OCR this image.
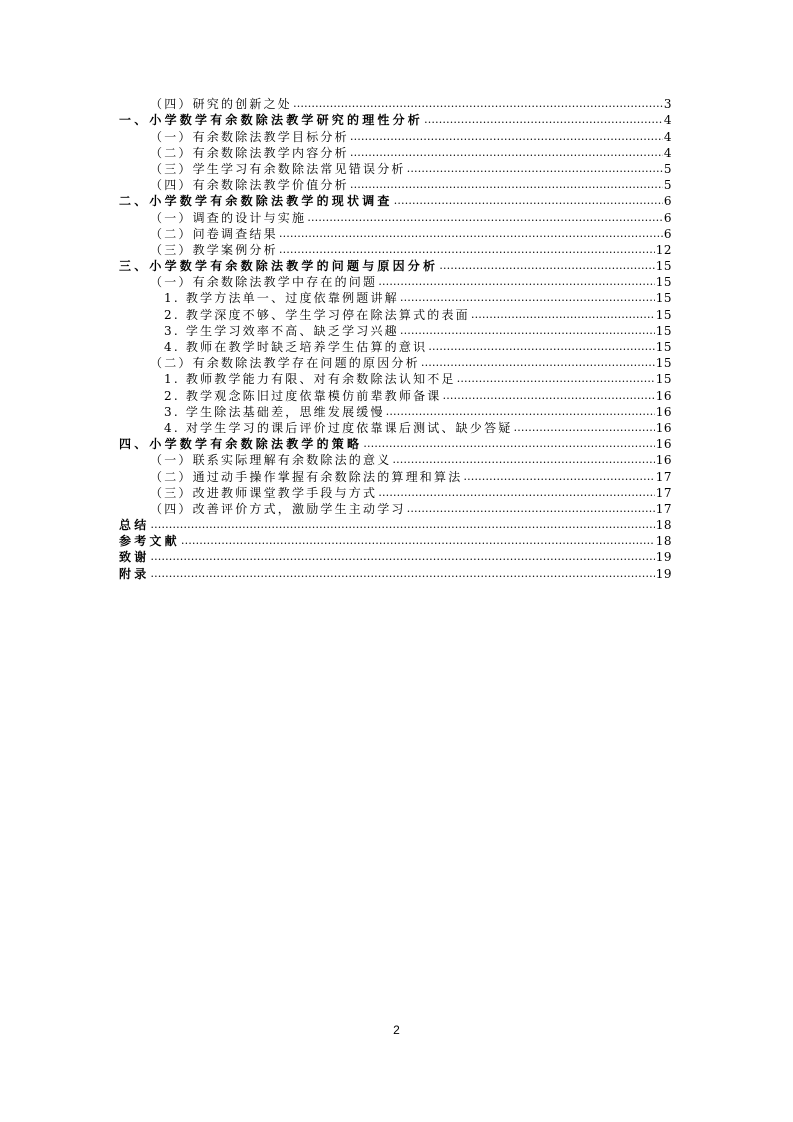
（四）研究的创新之处 ………………………………………………………………………………………………………………………………………………………………………………………	3
一、小学数学有余数除法教学研究的理性分析 ………………………………………………………………………………………………………………………………………………………………………………………	4
（一）有余数除法教学目标分析 ………………………………………………………………………………………………………………………………………………………………………………………	4
（二）有余数除法教学内容分析 ………………………………………………………………………………………………………………………………………………………………………………………	4
（三）学生学习有余数除法常见错误分析 ………………………………………………………………………………………………………………………………………………………………………………………	5
（四）有余数除法教学价值分析 ………………………………………………………………………………………………………………………………………………………………………………………	5
二、小学数学有余数除法教学的现状调查 ………………………………………………………………………………………………………………………………………………………………………………………	6
（一）调查的设计与实施 ………………………………………………………………………………………………………………………………………………………………………………………	6
（二）问卷调查结果 ………………………………………………………………………………………………………………………………………………………………………………………	6
（三）教学案例分析 ………………………………………………………………………………………………………………………………………………………………………………………	12
三、小学数学有余数除法教学的问题与原因分析 ………………………………………………………………………………………………………………………………………………………………………………………	15
（一）有余数除法教学中存在的问题 ………………………………………………………………………………………………………………………………………………………………………………………	15
1. 教学方法单一、过度依靠例题讲解 ………………………………………………………………………………………………………………………………………………………………………………………	15
2. 教学深度不够、学生学习停在除法算式的表面 ………………………………………………………………………………………………………………………………………………………………………………………	15
3. 学生学习效率不高、缺乏学习兴趣 ………………………………………………………………………………………………………………………………………………………………………………………	15
4. 教师在教学时缺乏培养学生估算的意识 ………………………………………………………………………………………………………………………………………………………………………………………	15
（二）有余数除法教学存在问题的原因分析 ………………………………………………………………………………………………………………………………………………………………………………………	15
1. 教师教学能力有限、对有余数除法认知不足 ………………………………………………………………………………………………………………………………………………………………………………………	15
2. 教学观念陈旧过度依靠模仿前辈教师备课 ………………………………………………………………………………………………………………………………………………………………………………………	16
3. 学生除法基础差，思维发展缓慢 ………………………………………………………………………………………………………………………………………………………………………………………	16
4. 对学生学习的课后评价过度依靠课后测试、缺少答疑 ………………………………………………………………………………………………………………………………………………………………………………………	16
四、小学数学有余数除法教学的策略 ………………………………………………………………………………………………………………………………………………………………………………………	16
（一）联系实际理解有余数除法的意义 ………………………………………………………………………………………………………………………………………………………………………………………	16
（二）通过动手操作掌握有余数除法的算理和算法 ………………………………………………………………………………………………………………………………………………………………………………………	17
（三）改进教师课堂教学手段与方式 ………………………………………………………………………………………………………………………………………………………………………………………	17
（四）改善评价方式，激励学生主动学习 ………………………………………………………………………………………………………………………………………………………………………………………	17
总结 ………………………………………………………………………………………………………………………………………………………………………………………	18
参考文献 ………………………………………………………………………………………………………………………………………………………………………………………	18
致谢 ………………………………………………………………………………………………………………………………………………………………………………………	19
附录 ………………………………………………………………………………………………………………………………………………………………………………………	19
2
